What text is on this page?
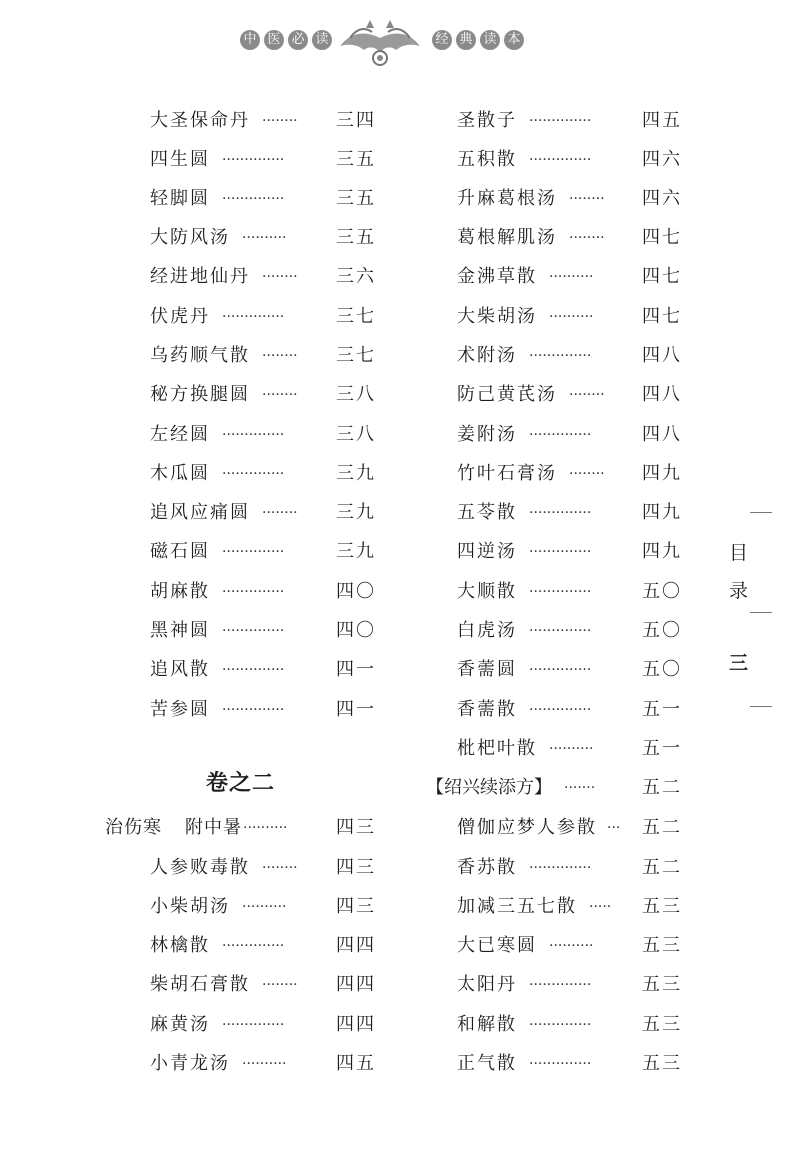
中 医 必 读	经 典 读 本
大圣保命丹 ········	三四
四生圆 ··············	三五
轻脚圆 ··············	三五
大防风汤 ··········	三五
经进地仙丹 ········	三六
伏虎丹 ··············	三七
乌药顺气散 ········	三七
秘方换腿圆 ········	三八
左经圆 ··············	三八
木瓜圆 ··············	三九
追风应痛圆 ········	三九
磁石圆 ··············	三九
胡麻散 ··············	四〇
黑神圆 ··············	四〇
追风散 ··············	四一
苦参圆 ··············	四一
卷之二
治伤寒 附中暑 ··········	四三
人参败毒散 ········	四三
小柴胡汤 ··········	四三
林檎散 ··············	四四
柴胡石膏散 ········	四四
麻黄汤 ··············	四四
小青龙汤 ··········	四五
圣散子 ··············	四五
五积散 ··············	四六
升麻葛根汤 ········	四六
葛根解肌汤 ········	四七
金沸草散 ··········	四七
大柴胡汤 ··········	四七
术附汤 ··············	四八
防己黄芪汤 ········	四八
姜附汤 ··············	四八
竹叶石膏汤 ········	四九
五苓散 ··············	四九
四逆汤 ··············	四九
大顺散 ··············	五〇
白虎汤 ··············	五〇
香薷圆 ··············	五〇
香薷散 ··············	五一
枇杷叶散 ··········	五一
【绍兴续添方】 ·······	五二
僧伽应梦人参散 ···	五二
香苏散 ··············	五二
加减三五七散 ·····	五三
大已寒圆 ··········	五三
太阳丹 ··············	五三
和解散 ··············	五三
正气散 ··············	五三
目
录
三
